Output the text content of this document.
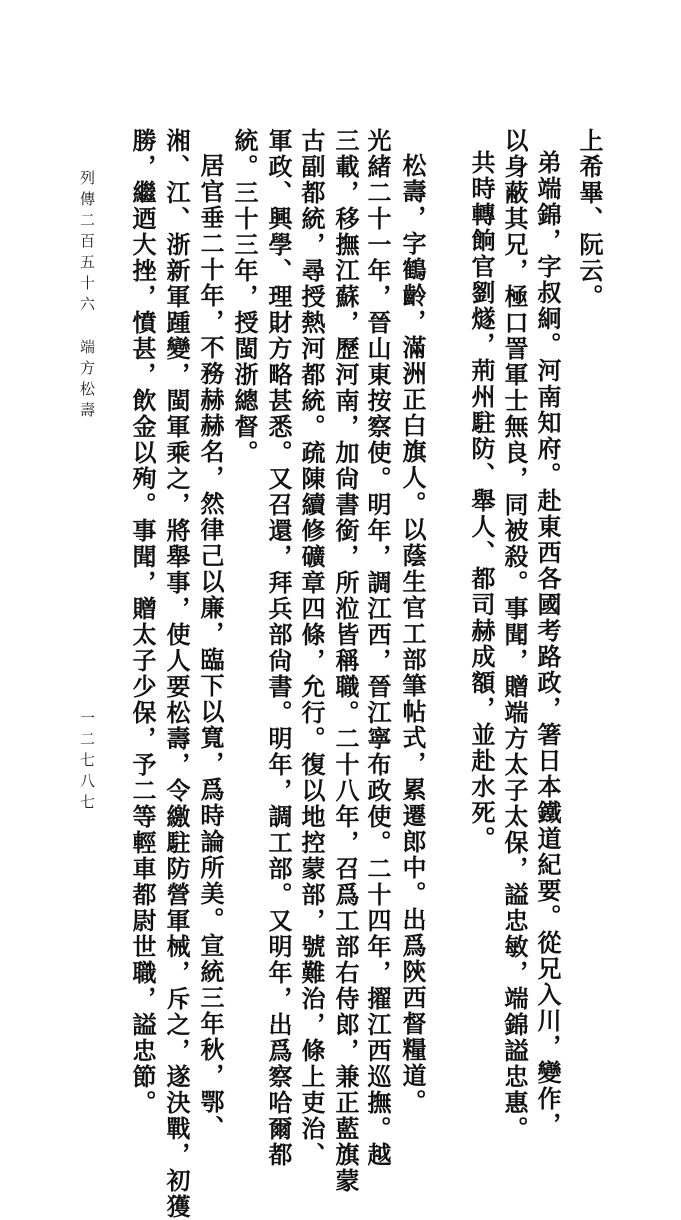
上希畢、阮云。
弟端錦，字叔絅。河南知府。赴東西各國考路政，箸日本鐵道紀要。從兄入川，變作，
以身蔽其兄，極口詈軍士無良，同被殺。事聞，贈端方太子太保，謚忠敏，端錦謚忠惠。
共時轉餉官劉燧，荊州駐防、舉人、都司赫成額，並赴水死。
松壽，字鶴齡，滿洲正白旗人。以蔭生官工部筆帖式，累遷郎中。出爲陝西督糧道。
光緒二十一年，晉山東按察使。明年，調江西，晉江寧布政使。二十四年，擢江西巡撫。越
三載，移撫江蘇，歷河南，加尙書銜，所涖皆稱職。二十八年，召爲工部右侍郎，兼正藍旗蒙
古副都統，尋授熱河都統。疏陳續修礦章四條，允行。復以地控蒙部，號難治，條上吏治、
軍政、興學、理財方略甚悉。又召還，拜兵部尙書。明年，調工部。又明年，出爲察哈爾都
統。三十三年，授閩浙總督。
居官垂二十年，不務赫赫名，然律己以廉，臨下以寬，爲時論所美。宣統三年秋，鄂、
湘、江、浙新軍踵變，閩軍乘之，將舉事，使人要松壽，令繳駐防營軍械，斥之，遂決戰，初獲
勝，繼迺大挫，憤甚，飲金以殉。事聞，贈太子少保，予二等輕車都尉世職，謚忠節。
列傳二百五十六端方松壽
一二七八七
